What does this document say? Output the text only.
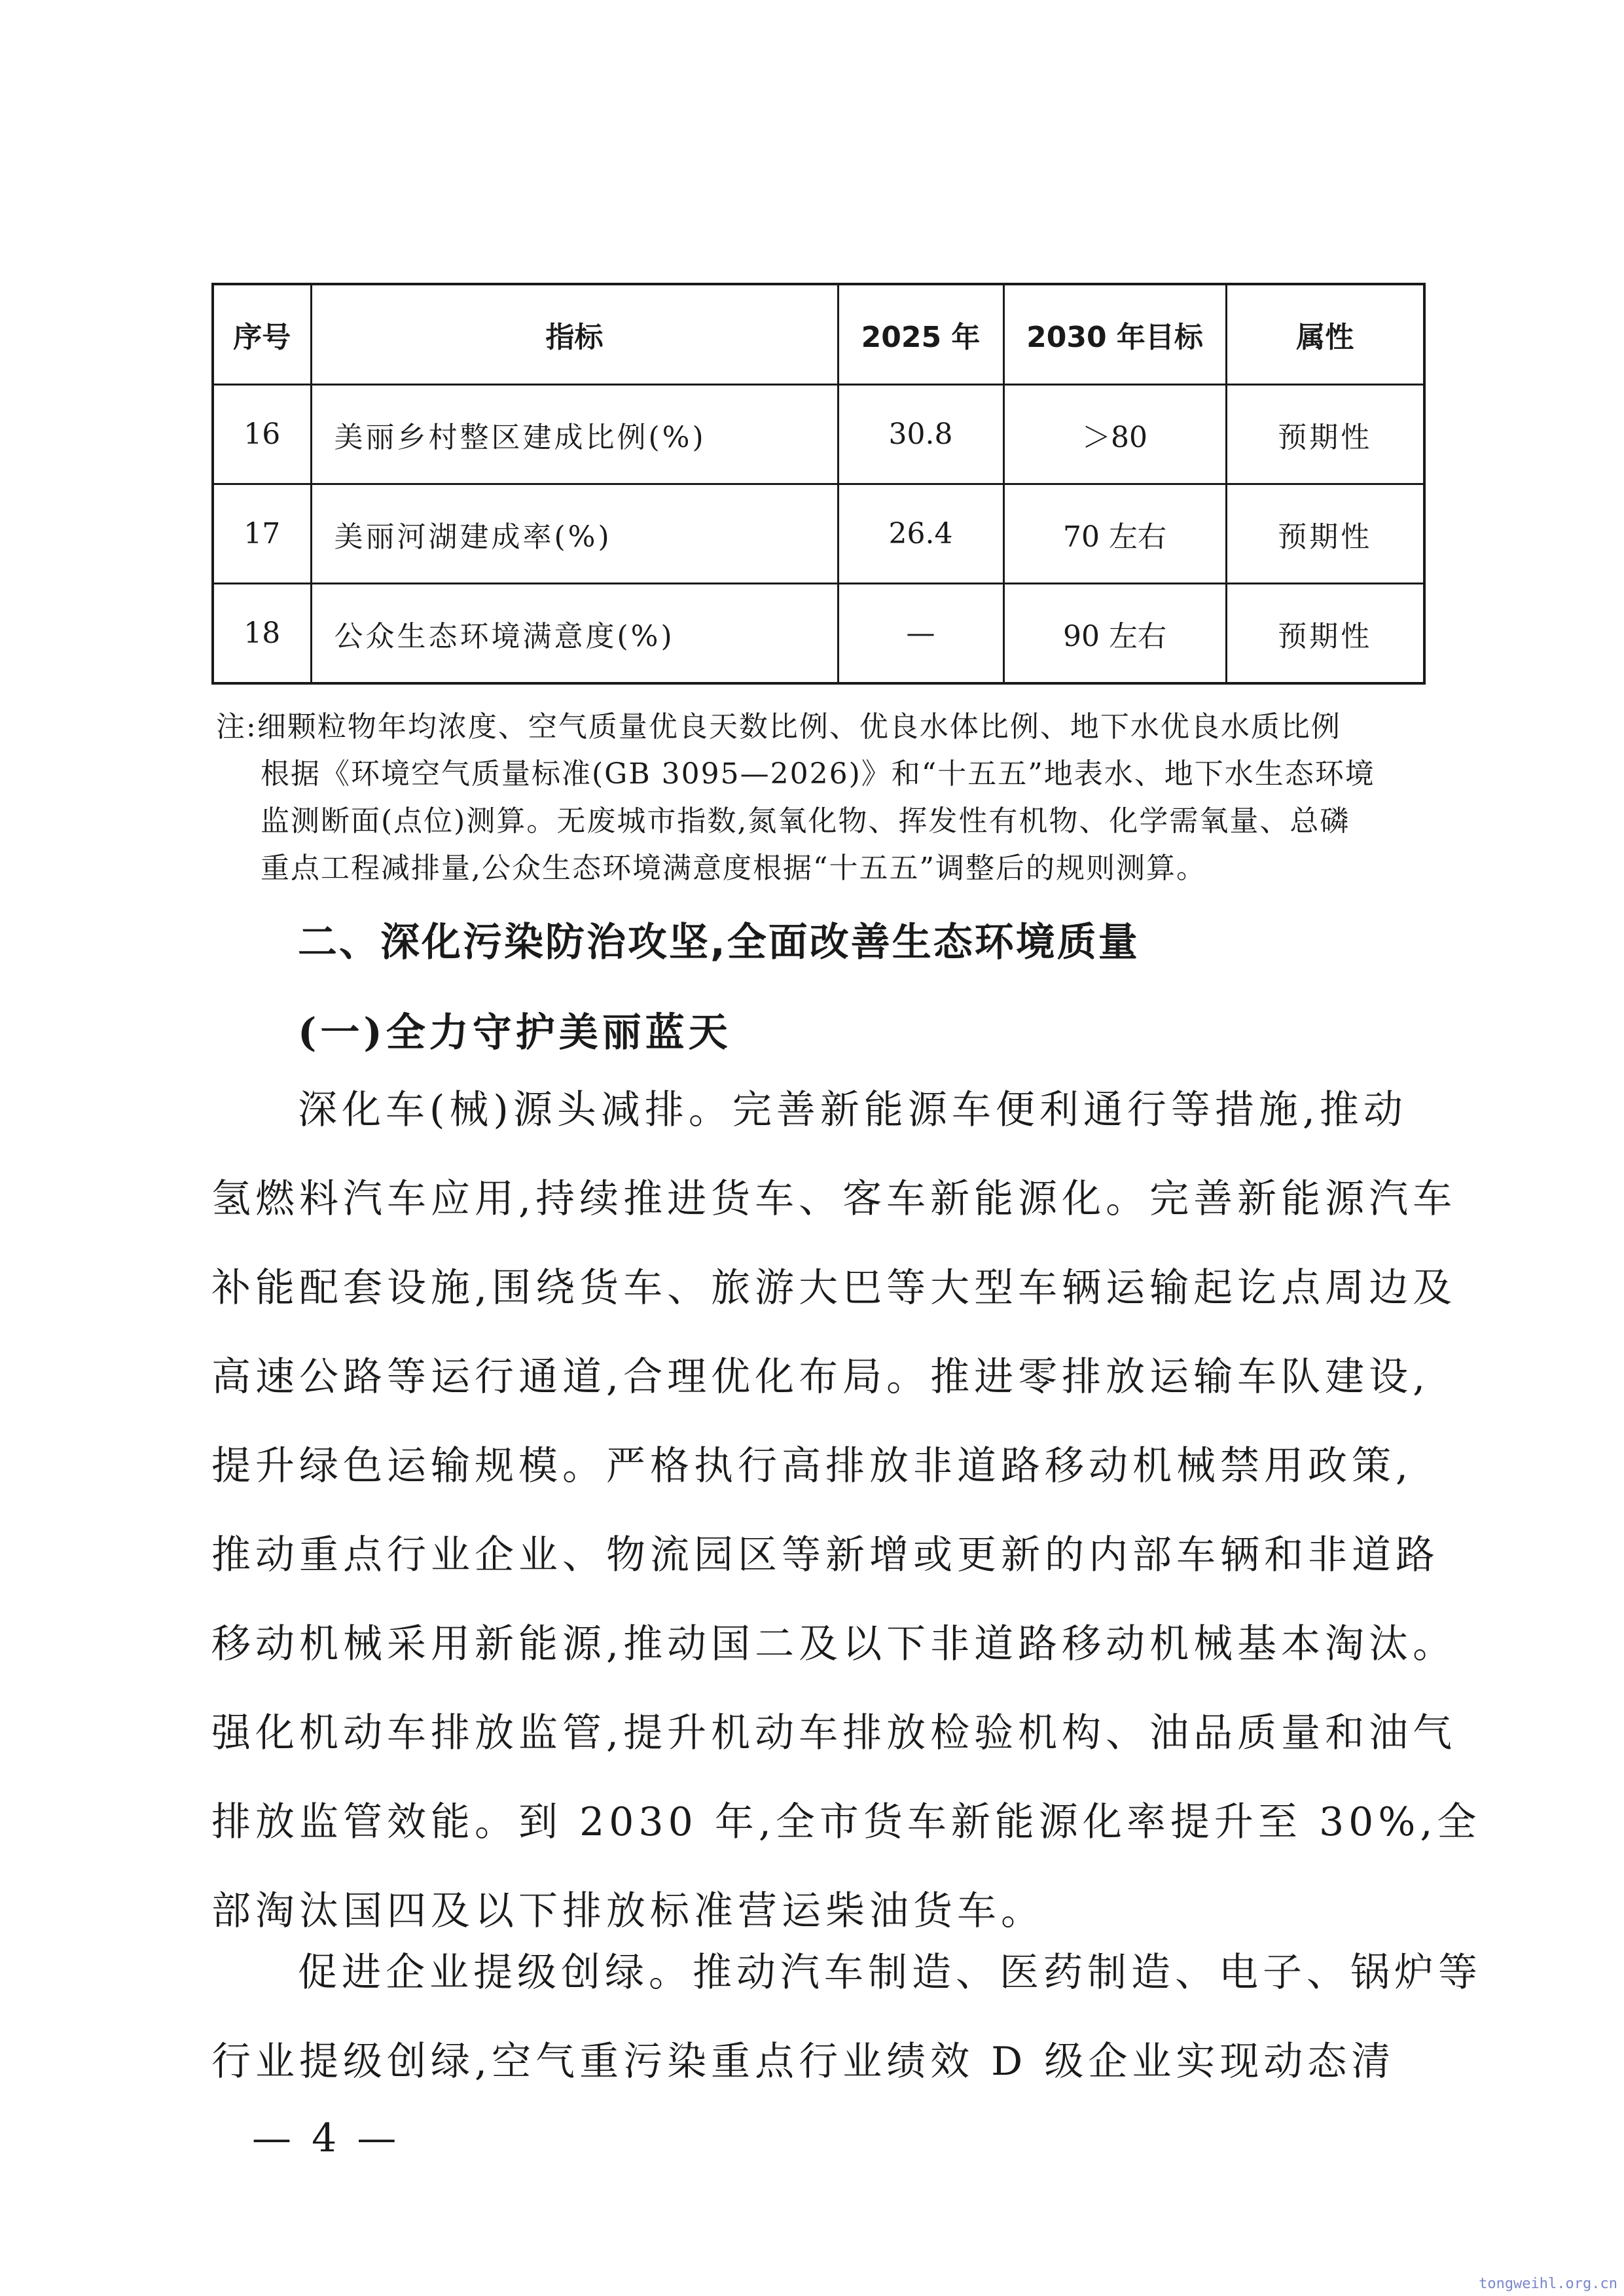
序号	指标	2025 年	2030 年目标	属性
16	美丽乡村整区建成比例(%)	30.8	＞80	预期性
17	美丽河湖建成率(%)	26.4	70 左右	预期性
18	公众生态环境满意度(%)	—	90 左右	预期性
注:细颗粒物年均浓度、空气质量优良天数比例、优良水体比例、地下水优良水质比例
根据《环境空气质量标准(GB 3095—2026)》和“十五五”地表水、地下水生态环境
监测断面(点位)测算。无废城市指数,氮氧化物、挥发性有机物、化学需氧量、总磷
重点工程减排量,公众生态环境满意度根据“十五五”调整后的规则测算。
二、深化污染防治攻坚,全面改善生态环境质量
(一)全力守护美丽蓝天
深化车(械)源头减排。完善新能源车便利通行等措施,推动
氢燃料汽车应用,持续推进货车、客车新能源化。完善新能源汽车
补能配套设施,围绕货车、旅游大巴等大型车辆运输起讫点周边及
高速公路等运行通道,合理优化布局。推进零排放运输车队建设,
提升绿色运输规模。严格执行高排放非道路移动机械禁用政策,
推动重点行业企业、物流园区等新增或更新的内部车辆和非道路
移动机械采用新能源,推动国二及以下非道路移动机械基本淘汰。
强化机动车排放监管,提升机动车排放检验机构、油品质量和油气
排放监管效能。到 2030 年,全市货车新能源化率提升至 30%,全
部淘汰国四及以下排放标准营运柴油货车。
促进企业提级创绿。推动汽车制造、医药制造、电子、锅炉等
行业提级创绿,空气重污染重点行业绩效 D 级企业实现动态清
— 4 —
tongweihl.org.cn
